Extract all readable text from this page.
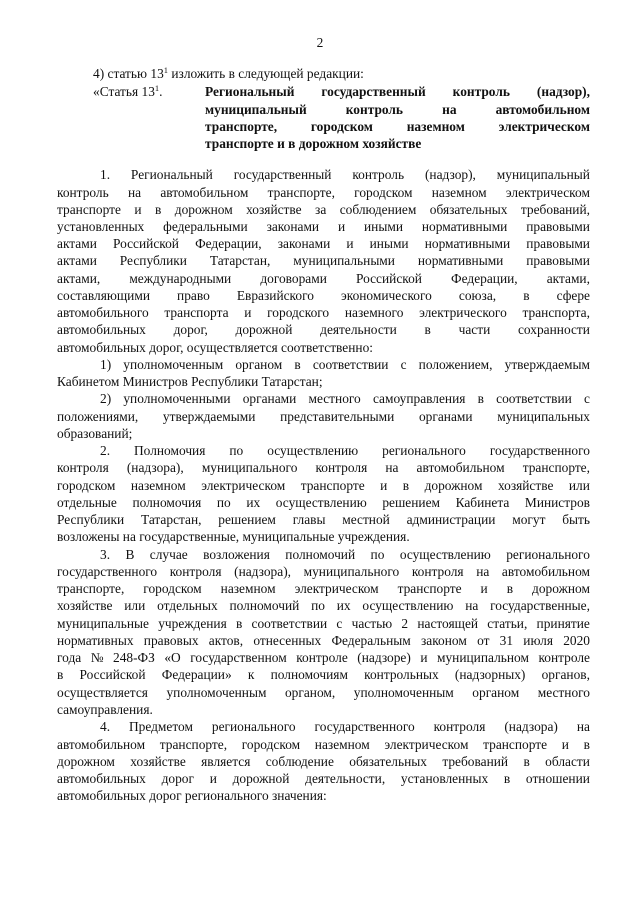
2
4) статью $13^1$ изложить в следующей редакции:
«Статья $13^1$.	Региональный государственный контроль (надзор),
муниципальный	контроль	на	автомобильном
транспорте,	городском	наземном	электрическом
транспорте и в дорожном хозяйстве
1. Региональный государственный контроль (надзор), муниципальный
контроль на автомобильном транспорте, городском наземном электрическом
транспорте и в дорожном хозяйстве за соблюдением обязательных требований,
установленных федеральными законами и иными нормативными правовыми
актами Российской Федерации, законами и иными нормативными правовыми
актами Республики Татарстан, муниципальными нормативными правовыми
актами, международными договорами Российской Федерации, актами,
составляющими право Евразийского экономического союза, в сфере
автомобильного транспорта и городского наземного электрического транспорта,
автомобильных дорог, дорожной деятельности в части сохранности
автомобильных дорог, осуществляется соответственно:
1) уполномоченным органом в соответствии с положением, утверждаемым
Кабинетом Министров Республики Татарстан;
2) уполномоченными органами местного самоуправления в соответствии с
положениями, утверждаемыми представительными органами муниципальных
образований;
2. Полномочия по осуществлению регионального государственного
контроля (надзора), муниципального контроля на автомобильном транспорте,
городском наземном электрическом транспорте и в дорожном хозяйстве или
отдельные полномочия по их осуществлению решением Кабинета Министров
Республики Татарстан, решением главы местной администрации могут быть
возложены на государственные, муниципальные учреждения.
3. В случае возложения полномочий по осуществлению регионального
государственного контроля (надзора), муниципального контроля на автомобильном
транспорте, городском наземном электрическом транспорте и в дорожном
хозяйстве или отдельных полномочий по их осуществлению на государственные,
муниципальные учреждения в соответствии с частью 2 настоящей статьи, принятие
нормативных правовых актов, отнесенных Федеральным законом от 31 июля 2020
года № 248-ФЗ «О государственном контроле (надзоре) и муниципальном контроле
в Российской Федерации» к полномочиям контрольных (надзорных) органов,
осуществляется уполномоченным органом, уполномоченным органом местного
самоуправления.
4. Предметом регионального государственного контроля (надзора) на
автомобильном транспорте, городском наземном электрическом транспорте и в
дорожном хозяйстве является соблюдение обязательных требований в области
автомобильных дорог и дорожной деятельности, установленных в отношении
автомобильных дорог регионального значения:
